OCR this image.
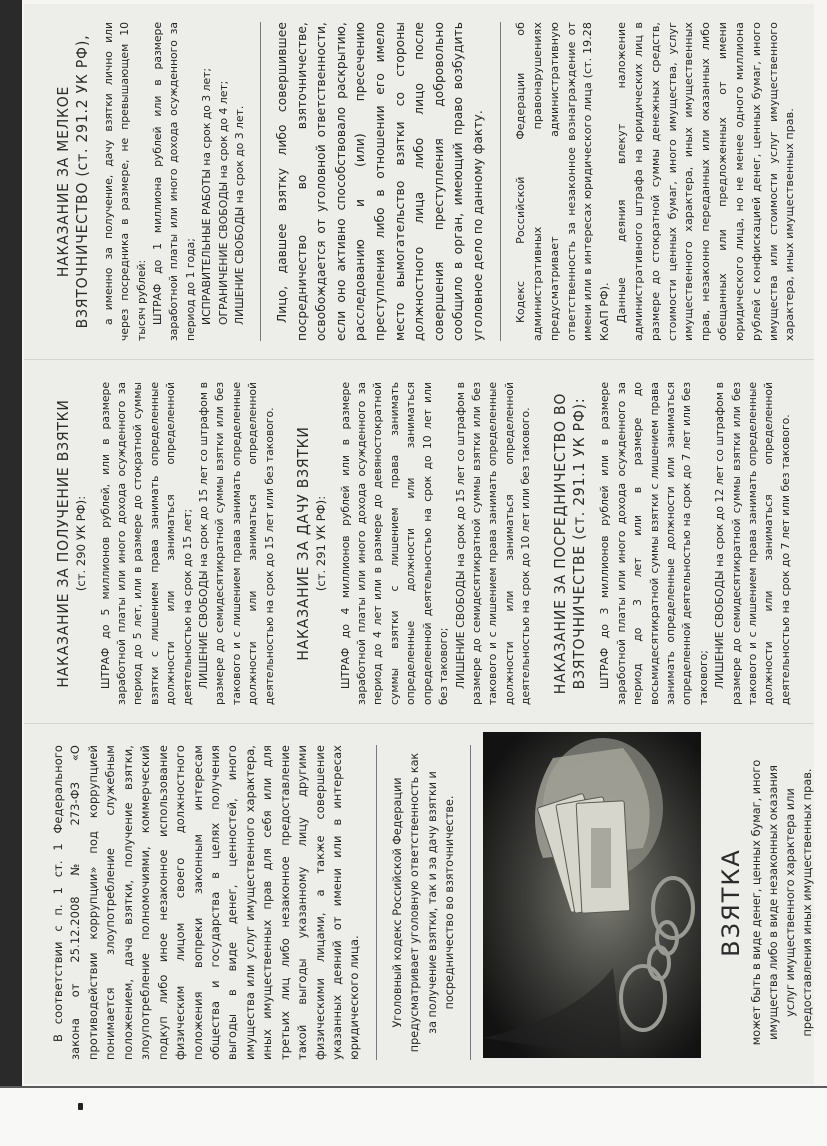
В соответствии с п. 1 ст. 1 Федерального закона от 25.12.2008 № 273-ФЗ «О противодействии коррупции» под коррупцией понимается злоупотребление служебным положением, дача взятки, получение взятки, злоупотребление полномочиями, коммерческий подкуп либо иное незаконное использование физическим лицом своего должностного положения вопреки законным интересам общества и государства в целях получения выгоды в виде денег, ценностей, иного имущества или услуг имущественного характера, иных имущественных прав для себя или для третьих лиц либо незаконное предоставление такой выгоды указанному лицу другими физическими лицами, а также совершение указанных деяний от имени или в интересах юридического лица.	Уголовный кодекс Российской Федерации предусматривает уголовную ответственность как за получение взятки, так и за дачу взятки и посредничество во взяточничестве.	ВЗЯТКА может быть в виде денег, ценных бумаг, иного имущества либо в виде незаконных оказания услуг имущественного характера или предоставления иных имущественных прав.

НАКАЗАНИЕ ЗА ПОЛУЧЕНИЕ ВЗЯТКИ (ст. 290 УК РФ): ШТРАФ до 5 миллионов рублей, или в размере заработной платы или иного дохода осужденного за период до 5 лет, или в размере до стократной суммы взятки с лишением права занимать определенные должности или заниматься определенной деятельностью на срок до 15 лет; ЛИШЕНИЕ СВОБОДЫ на срок до 15 лет со штрафом в размере до семидесятикратной суммы взятки или без такового и с лишением права занимать определенные должности или заниматься определенной деятельностью на срок до 15 лет или без такового. НАКАЗАНИЕ ЗА ДАЧУ ВЗЯТКИ (ст. 291 УК РФ): ШТРАФ до 4 миллионов рублей или в размере заработной платы или иного дохода осужденного за период до 4 лет или в размере до девяностократной суммы взятки с лишением права занимать определенные должности или заниматься определенной деятельностью на срок до 10 лет или без такового; ЛИШЕНИЕ СВОБОДЫ на срок до 15 лет со штрафом в размере до семидесятикратной суммы взятки или без такового и с лишением права занимать определенные должности или заниматься определенной деятельностью на срок до 10 лет или без такового. НАКАЗАНИЕ ЗА ПОСРЕДНИЧЕСТВО ВО ВЗЯТОЧНИЧЕСТВЕ (ст. 291.1 УК РФ): ШТРАФ до 3 миллионов рублей или в размере заработной платы или иного дохода осужденного за период до 3 лет или в размере до восьмидесятикратной суммы взятки с лишением права занимать определенные должности или заниматься определенной деятельностью на срок до 7 лет или без такового; ЛИШЕНИЕ СВОБОДЫ на срок до 12 лет со штрафом в размере до семидесятикратной суммы взятки или без такового и с лишением права занимать определенные должности или заниматься определенной деятельностью на срок до 7 лет или без такового.

НАКАЗАНИЕ ЗА МЕЛКОЕ ВЗЯТОЧНИЧЕСТВО (ст. 291.2 УК РФ), а именно за получение, дачу взятки лично или через посредника в размере, не превышающем 10 тысяч рублей: ШТРАФ до 1 миллиона рублей или в размере заработной платы или иного дохода осужденного за период до 1 года; ИСПРАВИТЕЛЬНЫЕ РАБОТЫ на срок до 3 лет; ОГРАНИЧЕНИЕ СВОБОДЫ на срок до 4 лет; ЛИШЕНИЕ СВОБОДЫ на срок до 3 лет. Лицо, давшее взятку либо совершившее посредничество во взяточничестве, освобождается от уголовной ответственности, если оно активно способствовало раскрытию, расследованию и (или) пресечению преступления либо в отношении его имело место вымогательство взятки со стороны должностного лица либо лицо после совершения преступления добровольно сообщило в орган, имеющий право возбудить уголовное дело по данному факту.	Кодекс Российской Федерации об административных правонарушениях предусматривает административную ответственность за незаконное вознаграждение от имени или в интересах юридического лица (ст. 19.28 КоАП РФ). Данные деяния влекут наложение административного штрафа на юридических лиц в размере до стократной суммы денежных средств, стоимости ценных бумаг, иного имущества, услуг имущественного характера, иных имущественных прав, незаконно переданных или оказанных либо обещанных или предложенных от имени юридического лица, но не менее одного миллиона рублей с конфискацией денег, ценных бумаг, иного имущества или стоимости услуг имущественного характера, иных имущественных прав.
